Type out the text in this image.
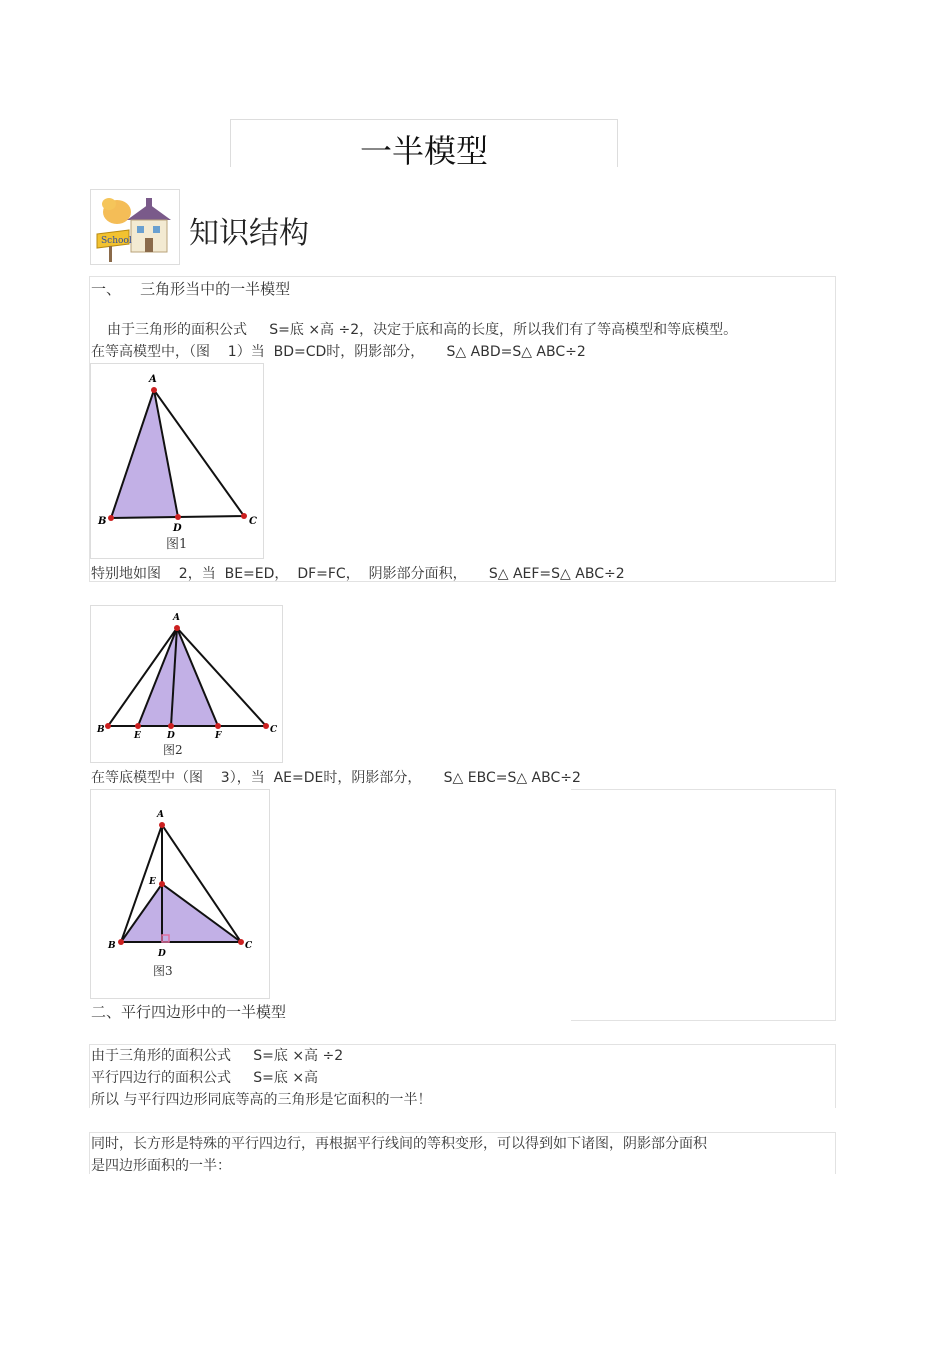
一半模型
School 知识结构
一、    三角形当中的一半模型
由于三角形的面积公式     S=底 ×高 ÷2，决定于底和高的长度，所以我们有了等高模型和等底模型。
在等高模型中，（图    1）当  BD=CD时，阴影部分，     S△ ABD=S△ ABC÷2
A
B
D
C
图1
特别地如图    2，当  BE=ED，  DF=FC，  阴影部分面积，     S△ AEF=S△ ABC÷2
A
B
E	D	F
C
图2
在等底模型中（图    3），当  AE=DE时，阴影部分，     S△ EBC=S△ ABC÷2
A
E
B
D
C
图3
二、平行四边形中的一半模型
由于三角形的面积公式     S=底 ×高 ÷2
平行四边行的面积公式     S=底 ×高
所以 与平行四边形同底等高的三角形是它面积的一半！
同时，长方形是特殊的平行四边行，再根据平行线间的等积变形，可以得到如下诸图，阴影部分面积
是四边形面积的一半：
